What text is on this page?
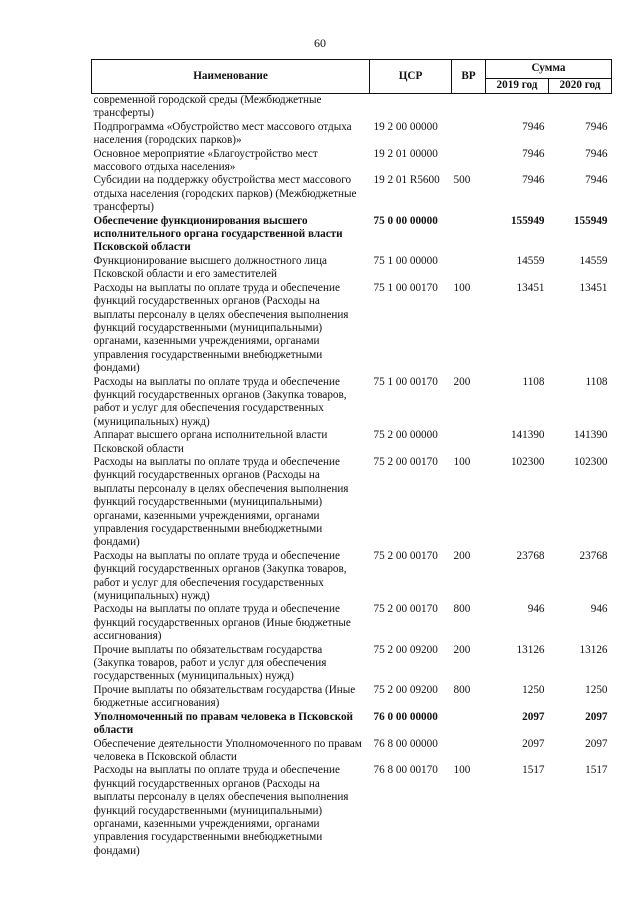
60
Наименование	ЦСР	ВР	Сумма	
			2019 год	2020 год
современной городской среды (Межбюджетные трансферты)				
Подпрограмма «Обустройство мест массового отдыха населения (городских парков)»	19 2 00 00000		7946	7946
Основное мероприятие «Благоустройство мест массового отдыха населения»	19 2 01 00000		7946	7946
Субсидии на поддержку обустройства мест массового отдыха населения (городских парков) (Межбюджетные трансферты)	19 2 01 R5600	500	7946	7946
Обеспечение функционирования высшего исполнительного органа государственной власти Псковской области	75 0 00 00000		155949	155949
Функционирование высшего должностного лица Псковской области и его заместителей	75 1 00 00000		14559	14559
Расходы на выплаты по оплате труда и обеспечение функций государственных органов (Расходы на выплаты персоналу в целях обеспечения выполнения функций государственными (муниципальными) органами, казенными учреждениями, органами управления государственными внебюджетными фондами)	75 1 00 00170	100	13451	13451
Расходы на выплаты по оплате труда и обеспечение функций государственных органов (Закупка товаров, работ и услуг для обеспечения государственных (муниципальных) нужд)	75 1 00 00170	200	1108	1108
Аппарат высшего органа исполнительной власти Псковской области	75 2 00 00000		141390	141390
Расходы на выплаты по оплате труда и обеспечение функций государственных органов (Расходы на выплаты персоналу в целях обеспечения выполнения функций государственными (муниципальными) органами, казенными учреждениями, органами управления государственными внебюджетными фондами)	75 2 00 00170	100	102300	102300
Расходы на выплаты по оплате труда и обеспечение функций государственных органов (Закупка товаров, работ и услуг для обеспечения государственных (муниципальных) нужд)	75 2 00 00170	200	23768	23768
Расходы на выплаты по оплате труда и обеспечение функций государственных органов (Иные бюджетные ассигнования)	75 2 00 00170	800	946	946
Прочие выплаты по обязательствам государства (Закупка товаров, работ и услуг для обеспечения государственных (муниципальных) нужд)	75 2 00 09200	200	13126	13126
Прочие выплаты по обязательствам государства (Иные бюджетные ассигнования)	75 2 00 09200	800	1250	1250
Уполномоченный по правам человека в Псковской области	76 0 00 00000		2097	2097
Обеспечение деятельности Уполномоченного по правам человека в Псковской области	76 8 00 00000		2097	2097
Расходы на выплаты по оплате труда и обеспечение функций государственных органов (Расходы на выплаты персоналу в целях обеспечения выполнения функций государственными (муниципальными) органами, казенными учреждениями, органами управления государственными внебюджетными фондами)	76 8 00 00170	100	1517	1517
